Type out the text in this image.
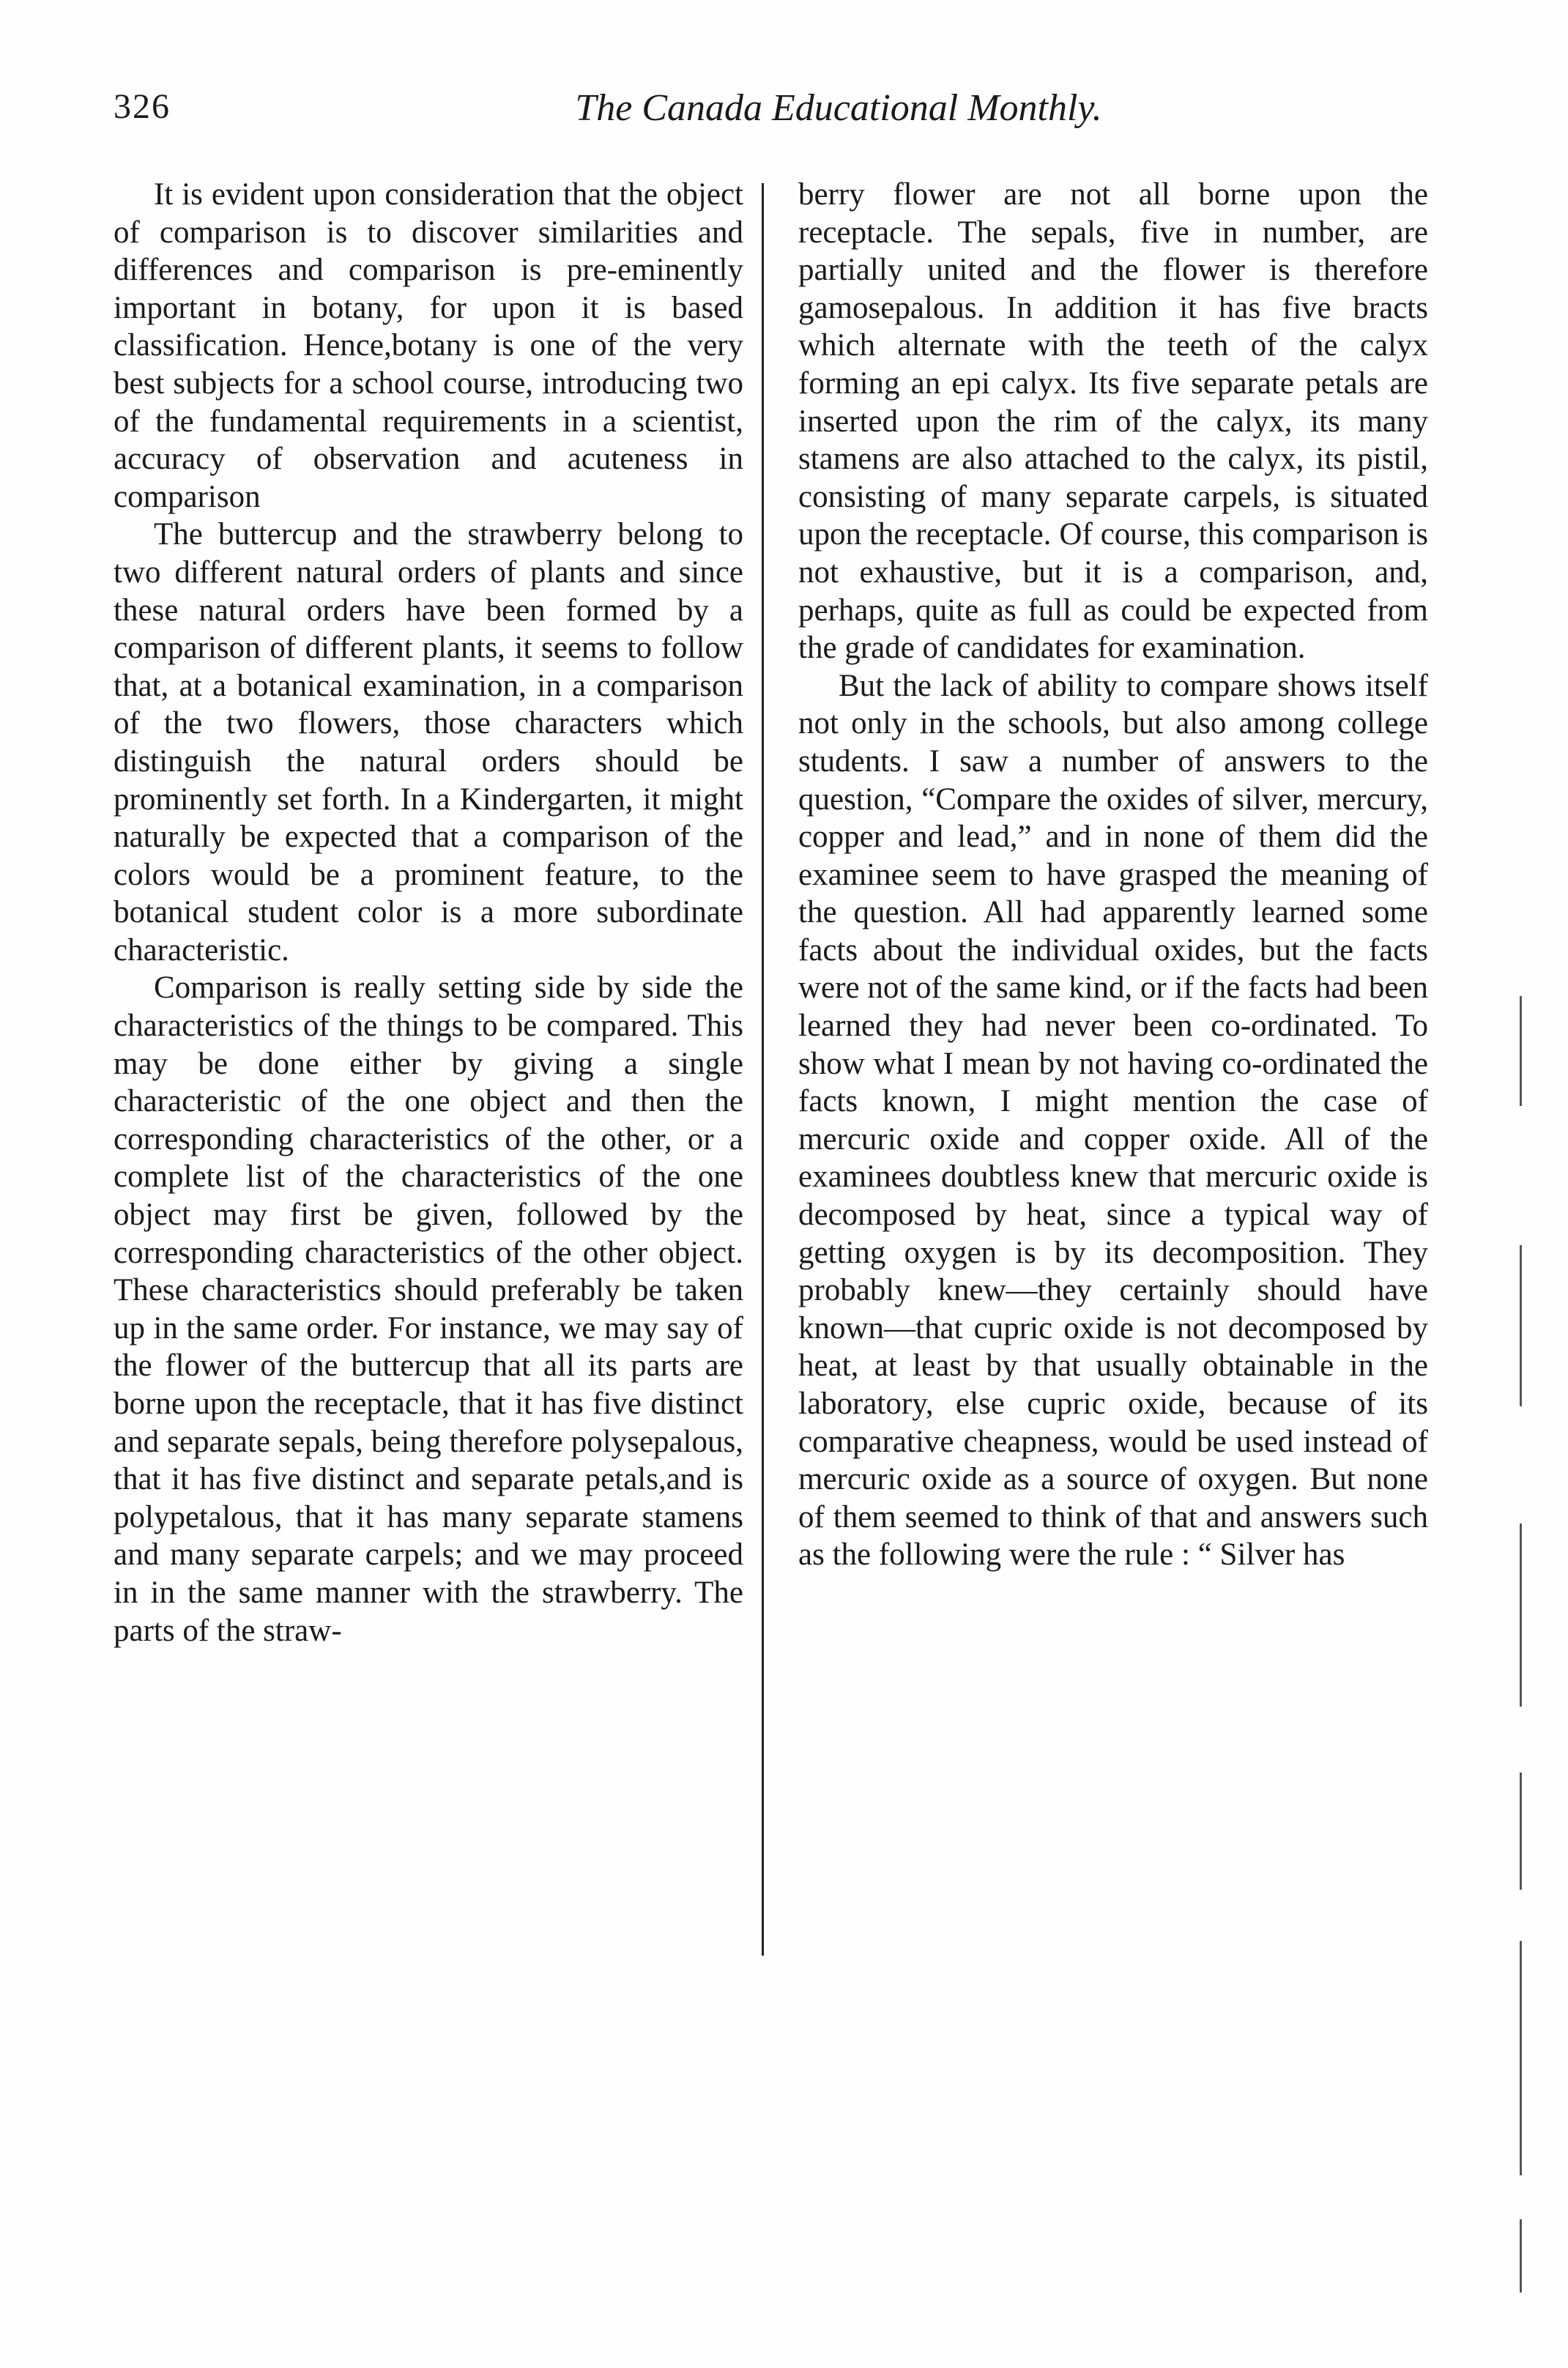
326	The Canada Educational Monthly.

It is evident upon consideration that the object of comparison is to discover similarities and differences and comparison is pre-eminently important in botany, for upon it is based classification. Hence,botany is one of the very best subjects for a school course, introducing two of the fundamental requirements in a scientist, accuracy of observation and acuteness in comparison

The buttercup and the strawberry belong to two different natural orders of plants and since these natural orders have been formed by a comparison of different plants, it seems to follow that, at a botanical examination, in a comparison of the two flowers, those characters which distinguish the natural orders should be prominently set forth. In a Kindergarten, it might naturally be expected that a comparison of the colors would be a prominent feature, to the botanical student color is a more subordinate characteristic.

Comparison is really setting side by side the characteristics of the things to be compared. This may be done either by giving a single characteristic of the one object and then the corresponding characteristics of the other, or a complete list of the characteristics of the one object may first be given, followed by the corresponding characteristics of the other object. These characteristics should preferably be taken up in the same order. For instance, we may say of the flower of the buttercup that all its parts are borne upon the receptacle, that it has five distinct and separate sepals, being therefore polysepalous, that it has five distinct and separate petals,and is polypetalous, that it has many separate stamens and many separate carpels; and we may proceed in in the same manner with the strawberry. The parts of the straw-

berry flower are not all borne upon the receptacle. The sepals, five in number, are partially united and the flower is therefore gamosepalous. In addition it has five bracts which alternate with the teeth of the calyx forming an epi calyx. Its five separate petals are inserted upon the rim of the calyx, its many stamens are also attached to the calyx, its pistil, consisting of many separate carpels, is situated upon the receptacle. Of course, this comparison is not exhaustive, but it is a comparison, and, perhaps, quite as full as could be expected from the grade of candidates for examination.

But the lack of ability to compare shows itself not only in the schools, but also among college students. I saw a number of answers to the question, “Compare the oxides of silver, mercury, copper and lead,” and in none of them did the examinee seem to have grasped the meaning of the question. All had apparently learned some facts about the individual oxides, but the facts were not of the same kind, or if the facts had been learned they had never been co-ordinated. To show what I mean by not having co-ordinated the facts known, I might mention the case of mercuric oxide and copper oxide. All of the examinees doubtless knew that mercuric oxide is decomposed by heat, since a typical way of getting oxygen is by its decomposition. They probably knew—they certainly should have known—that cupric oxide is not decomposed by heat, at least by that usually obtainable in the laboratory, else cupric oxide, because of its comparative cheapness, would be used instead of mercuric oxide as a source of oxygen. But none of them seemed to think of that and answers such as the following were the rule : “ Silver has
